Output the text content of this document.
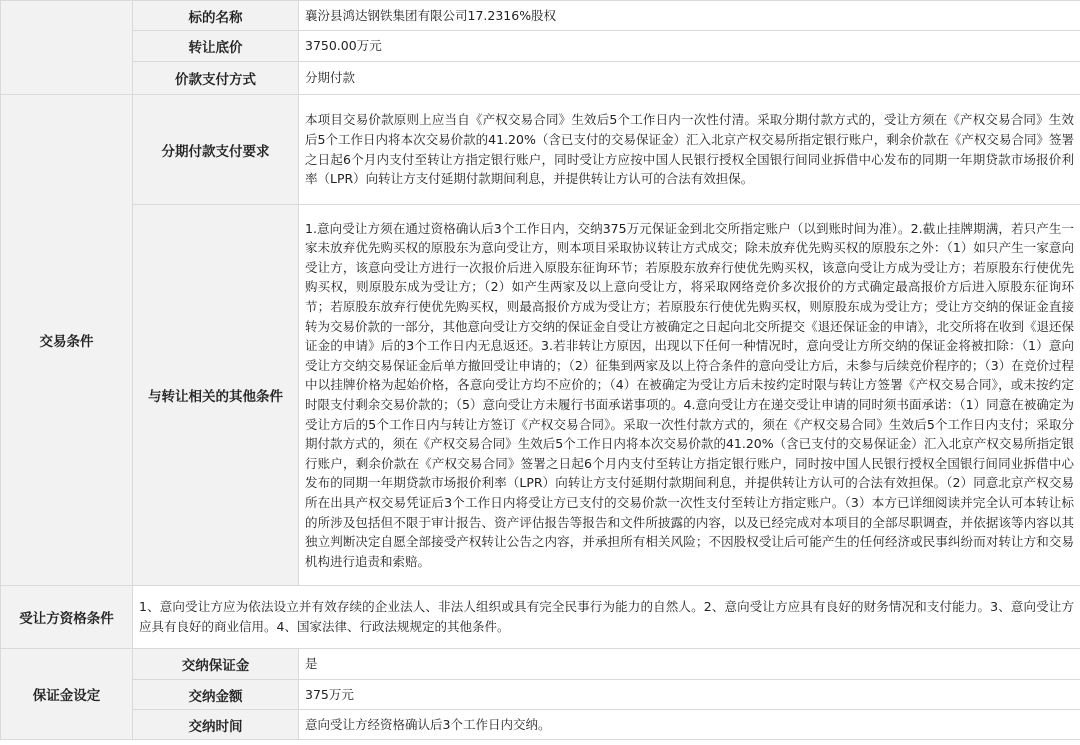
	标的名称	襄汾县鸿达钢铁集团有限公司17.2316%股权
	转让底价	3750.00万元
	价款支付方式	分期付款
交易条件	分期付款支付要求	本项目交易价款原则上应当自《产权交易合同》生效后5个工作日内一次性付清。采取分期付款方式的，受让方须在《产权交易合同》生效后5个工作日内将本次交易价款的41.20%（含已支付的交易保证金）汇入北京产权交易所指定银行账户，剩余价款在《产权交易合同》签署之日起6个月内支付至转让方指定银行账户，同时受让方应按中国人民银行授权全国银行间同业拆借中心发布的同期一年期贷款市场报价利率（LPR）向转让方支付延期付款期间利息，并提供转让方认可的合法有效担保。
	与转让相关的其他条件	1.意向受让方须在通过资格确认后3个工作日内，交纳375万元保证金到北交所指定账户（以到账时间为准）。2.截止挂牌期满，若只产生一家未放弃优先购买权的原股东为意向受让方，则本项目采取协议转让方式成交；除未放弃优先购买权的原股东之外：（1）如只产生一家意向受让方，该意向受让方进行一次报价后进入原股东征询环节；若原股东放弃行使优先购买权，该意向受让方成为受让方；若原股东行使优先购买权，则原股东成为受让方；（2）如产生两家及以上意向受让方，将采取网络竞价多次报价的方式确定最高报价方后进入原股东征询环节；若原股东放弃行使优先购买权，则最高报价方成为受让方；若原股东行使优先购买权，则原股东成为受让方；受让方交纳的保证金直接转为交易价款的一部分，其他意向受让方交纳的保证金自受让方被确定之日起向北交所提交《退还保证金的申请》，北交所将在收到《退还保证金的申请》后的3个工作日内无息返还。3.若非转让方原因，出现以下任何一种情况时，意向受让方所交纳的保证金将被扣除：（1）意向受让方交纳交易保证金后单方撤回受让申请的；（2）征集到两家及以上符合条件的意向受让方后，未参与后续竞价程序的；（3）在竞价过程中以挂牌价格为起始价格，各意向受让方均不应价的；（4）在被确定为受让方后未按约定时限与转让方签署《产权交易合同》，或未按约定时限支付剩余交易价款的；（5）意向受让方未履行书面承诺事项的。4.意向受让方在递交受让申请的同时须书面承诺：（1）同意在被确定为受让方后的5个工作日内与转让方签订《产权交易合同》。采取一次性付款方式的，须在《产权交易合同》生效后5个工作日内支付；采取分期付款方式的，须在《产权交易合同》生效后5个工作日内将本次交易价款的41.20%（含已支付的交易保证金）汇入北京产权交易所指定银行账户，剩余价款在《产权交易合同》签署之日起6个月内支付至转让方指定银行账户，同时按中国人民银行授权全国银行间同业拆借中心发布的同期一年期贷款市场报价利率（LPR）向转让方支付延期付款期间利息，并提供转让方认可的合法有效担保。（2）同意北京产权交易所在出具产权交易凭证后3个工作日内将受让方已支付的交易价款一次性支付至转让方指定账户。（3）本方已详细阅读并完全认可本转让标的所涉及包括但不限于审计报告、资产评估报告等报告和文件所披露的内容，以及已经完成对本项目的全部尽职调查，并依据该等内容以其独立判断决定自愿全部接受产权转让公告之内容，并承担所有相关风险；不因股权受让后可能产生的任何经济或民事纠纷而对转让方和交易机构进行追责和索赔。
受让方资格条件	1、意向受让方应为依法设立并有效存续的企业法人、非法人组织或具有完全民事行为能力的自然人。2、意向受让方应具有良好的财务情况和支付能力。3、意向受让方应具有良好的商业信用。4、国家法律、行政法规规定的其他条件。	
保证金设定	交纳保证金	是
	交纳金额	375万元
	交纳时间	意向受让方经资格确认后3个工作日内交纳。
